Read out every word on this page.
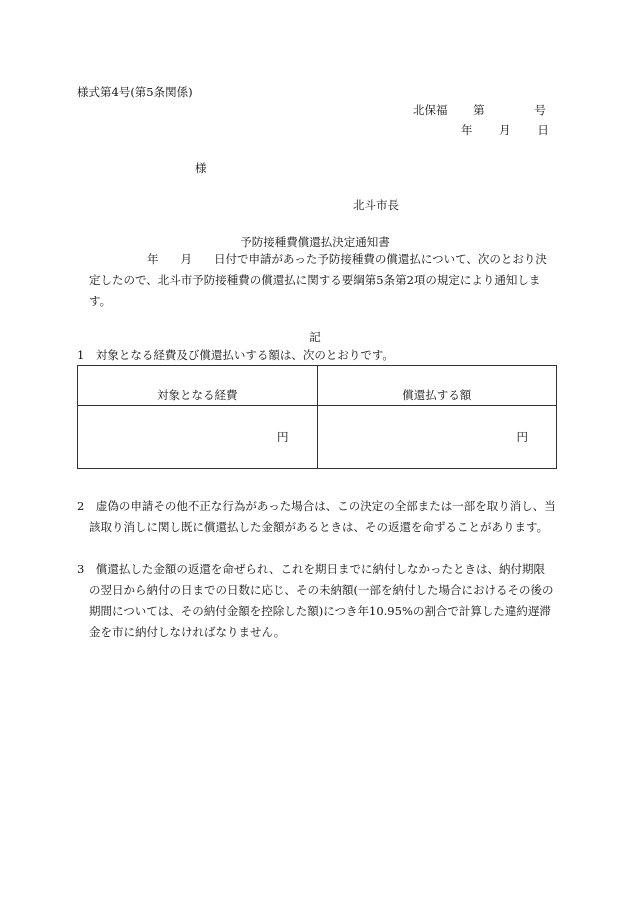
様式第4号(第5条関係)
北保福 第	号
年 月 日
様
北斗市長
予防接種費償還払決定通知書
年 月 日付で申請があった予防接種費の償還払について、次のとおり決定したので、北斗市予防接種費の償還払に関する要綱第5条第2項の規定により通知します。
記
1　対象となる経費及び償還払いする額は、次のとおりです。
対象となる経費	償還払する額
円	円
2　虚偽の申請その他不正な行為があった場合は、この決定の全部または一部を取り消し、当該取り消しに関し既に償還払した金額があるときは、その返還を命ずることがあります。
3　償還払した金額の返還を命ぜられ、これを期日までに納付しなかったときは、納付期限の翌日から納付の日までの日数に応じ、その未納額(一部を納付した場合におけるその後の期間については、その納付金額を控除した額)につき年10.95%の割合で計算した違約遅滞金を市に納付しなければなりません。
